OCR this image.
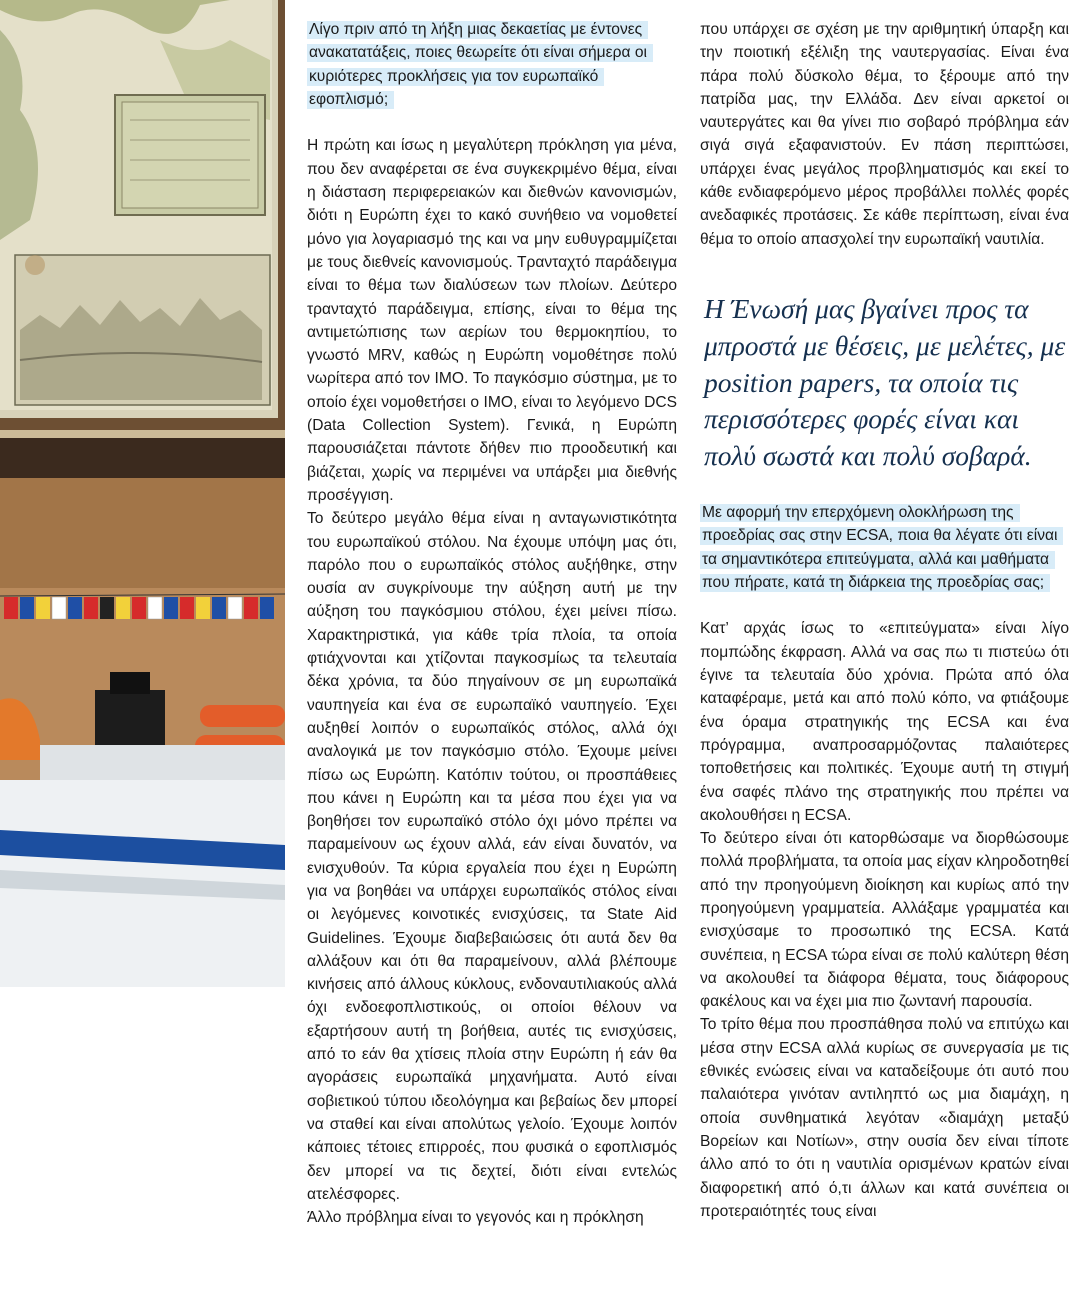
Λίγο πριν από τη λήξη μιας δεκαετίας με έντονες ανακατατάξεις, ποιες θεωρείτε ότι είναι σήμερα οι κυριότερες προκλήσεις για τον ευρωπαϊκό εφοπλισμό;

Η πρώτη και ίσως η μεγαλύτερη πρόκληση για μένα, που δεν αναφέρεται σε ένα συγκεκριμένο θέμα, είναι η διάσταση περιφερειακών και διεθνών κανονισμών, διότι η Ευρώπη έχει το κακό συνήθειο να νομοθετεί μόνο για λογαριασμό της και να μην ευθυγραμμίζεται με τους διεθνείς κανονισμούς. Τρανταχτό παράδειγμα είναι το θέμα των διαλύσεων των πλοίων. Δεύτερο τρανταχτό παράδειγμα, επίσης, είναι το θέμα της αντιμετώπισης των αερίων του θερμοκηπίου, το γνωστό MRV, καθώς η Ευρώπη νομοθέτησε πολύ νωρίτερα από τον IMO. Το παγκόσμιο σύστημα, με το οποίο έχει νομοθετήσει ο IMO, είναι το λεγόμενο DCS (Data Collection System). Γενικά, η Ευρώπη παρουσιάζεται πάντοτε δήθεν πιο προοδευτική και βιάζεται, χωρίς να περιμένει να υπάρξει μια διεθνής προσέγγιση.

Το δεύτερο μεγάλο θέμα είναι η ανταγωνιστικότητα του ευρωπαϊκού στόλου. Να έχουμε υπόψη μας ότι, παρόλο που ο ευρωπαϊκός στόλος αυξήθηκε, στην ουσία αν συγκρίνουμε την αύξηση αυτή με την αύξηση του παγκόσμιου στόλου, έχει μείνει πίσω. Χαρακτηριστικά, για κάθε τρία πλοία, τα οποία φτιάχνονται και χτίζονται παγκοσμίως τα τελευταία δέκα χρόνια, τα δύο πηγαίνουν σε μη ευρωπαϊκά ναυπηγεία και ένα σε ευρωπαϊκό ναυπηγείο. Έχει αυξηθεί λοιπόν ο ευρωπαϊκός στόλος, αλλά όχι αναλογικά με τον παγκόσμιο στόλο. Έχουμε μείνει πίσω ως Ευρώπη. Κατόπιν τούτου, οι προσπάθειες που κάνει η Ευρώπη και τα μέσα που έχει για να βοηθήσει τον ευρωπαϊκό στόλο όχι μόνο πρέπει να παραμείνουν ως έχουν αλλά, εάν είναι δυνατόν, να ενισχυθούν. Τα κύρια εργαλεία που έχει η Ευρώπη για να βοηθάει να υπάρχει ευρωπαϊκός στόλος είναι οι λεγόμενες κοινοτικές ενισχύσεις, τα State Aid Guidelines. Έχουμε διαβεβαιώσεις ότι αυτά δεν θα αλλάξουν και ότι θα παραμείνουν, αλλά βλέπουμε κινήσεις από άλλους κύκλους, ενδοναυτιλιακούς αλλά όχι ενδοεφοπλιστικούς, οι οποίοι θέλουν να εξαρτήσουν αυτή τη βοήθεια, αυτές τις ενισχύσεις, από το εάν θα χτίσεις πλοία στην Ευρώπη ή εάν θα αγοράσεις ευρωπαϊκά μηχανήματα. Αυτό είναι σοβιετικού τύπου ιδεολόγημα και βεβαίως δεν μπορεί να σταθεί και είναι απολύτως γελοίο. Έχουμε λοιπόν κάποιες τέτοιες επιρροές, που φυσικά ο εφοπλισμός δεν μπορεί να τις δεχτεί, διότι είναι εντελώς ατελέσφορες.

Άλλο πρόβλημα είναι το γεγονός και η πρόκληση

που υπάρχει σε σχέση με την αριθμητική ύπαρξη και την ποιοτική εξέλιξη της ναυτεργασίας. Είναι ένα πάρα πολύ δύσκολο θέμα, το ξέρουμε από την πατρίδα μας, την Ελλάδα. Δεν είναι αρκετοί οι ναυτεργάτες και θα γίνει πιο σοβαρό πρόβλημα εάν σιγά σιγά εξαφανιστούν. Εν πάση περιπτώσει, υπάρχει ένας μεγάλος προβληματισμός και εκεί το κάθε ενδιαφερόμενο μέρος προβάλλει πολλές φορές ανεδαφικές προτάσεις. Σε κάθε περίπτωση, είναι ένα θέμα το οποίο απασχολεί την ευρωπαϊκή ναυτιλία.

Η Ένωσή μας βγαίνει προς τα μπροστά με θέσεις, με μελέτες, με position papers, τα οποία τις περισσότερες φορές είναι και πολύ σωστά και πολύ σοβαρά.

Με αφορμή την επερχόμενη ολοκλήρωση της προεδρίας σας στην ECSA, ποια θα λέγατε ότι είναι τα σημαντικότερα επιτεύγματα, αλλά και μαθήματα που πήρατε, κατά τη διάρκεια της προεδρίας σας;

Κατ’ αρχάς ίσως το «επιτεύγματα» είναι λίγο πομπώδης έκφραση. Αλλά να σας πω τι πιστεύω ότι έγινε τα τελευταία δύο χρόνια. Πρώτα από όλα καταφέραμε, μετά και από πολύ κόπο, να φτιάξουμε ένα όραμα στρατηγικής της ECSA και ένα πρόγραμμα, αναπροσαρμόζοντας παλαιότερες τοποθετήσεις και πολιτικές. Έχουμε αυτή τη στιγμή ένα σαφές πλάνο της στρατηγικής που πρέπει να ακολουθήσει η ECSA.

Το δεύτερο είναι ότι κατορθώσαμε να διορθώσουμε πολλά προβλήματα, τα οποία μας είχαν κληροδοτηθεί από την προηγούμενη διοίκηση και κυρίως από την προηγούμενη γραμματεία. Αλλάξαμε γραμματέα και ενισχύσαμε το προσωπικό της ECSA. Κατά συνέπεια, η ECSA τώρα είναι σε πολύ καλύτερη θέση να ακολουθεί τα διάφορα θέματα, τους διάφορους φακέλους και να έχει μια πιο ζωντανή παρουσία.

Το τρίτο θέμα που προσπάθησα πολύ να επιτύχω και μέσα στην ECSA αλλά κυρίως σε συνεργασία με τις εθνικές ενώσεις είναι να καταδείξουμε ότι αυτό που παλαιότερα γινόταν αντιληπτό ως μια διαμάχη, η οποία συνθηματικά λεγόταν «διαμάχη μεταξύ Βορείων και Νοτίων», στην ουσία δεν είναι τίποτε άλλο από το ότι η ναυτιλία ορισμένων κρατών είναι διαφορετική από ό,τι άλλων και κατά συνέπεια οι προτεραιότητές τους είναι
